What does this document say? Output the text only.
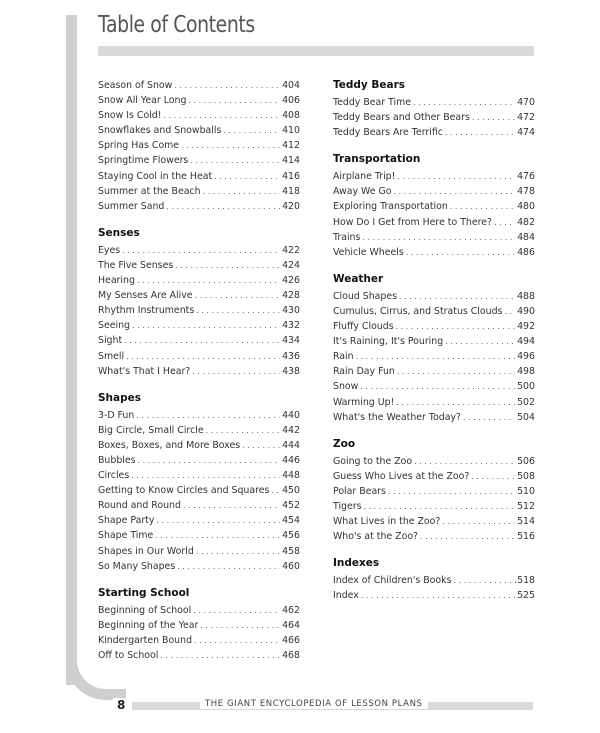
Table of Contents
Season of Snow . . .	404
Snow All Year Long . . .	406
Snow Is Cold! . . .	408
Snowflakes and Snowballs . . .	410
Spring Has Come . . .	412
Springtime Flowers . . .	414
Staying Cool in the Heat . . .	416
Summer at the Beach . . .	418
Summer Sand . . .	420
Senses
Eyes . . .	422
The Five Senses . . .	424
Hearing . . .	426
My Senses Are Alive . . .	428
Rhythm Instruments . . .	430
Seeing . . .	432
Sight . . .	434
Smell . . .	436
What's That I Hear? . . .	438
Shapes
3-D Fun . . .	440
Big Circle, Small Circle . . .	442
Boxes, Boxes, and More Boxes . . .	444
Bubbles . . .	446
Circles . . .	448
Getting to Know Circles and Squares . . . 450
Round and Round . . .	452
Shape Party . . .	454
Shape Time . . .	456
Shapes in Our World . . .	458
So Many Shapes . . .	460
Starting School
Beginning of School . . .	462
Beginning of the Year . . .	464
Kindergarten Bound . . .	466
Off to School . . .	468
Teddy Bears
Teddy Bear Time . . .	470
Teddy Bears and Other Bears . . .	472
Teddy Bears Are Terrific . . .	474
Transportation
Airplane Trip! . . .	476
Away We Go . . .	478
Exploring Transportation . . .	480
How Do I Get from Here to There? . . .	482
Trains . . .	484
Vehicle Wheels . . .	486
Weather
Cloud Shapes . . .	488
Cumulus, Cirrus, and Stratus Clouds . . . 490
Fluffy Clouds . . .	492
It's Raining, It's Pouring . . .	494
Rain . . .	496
Rain Day Fun . . .	498
Snow . . .	500
Warming Up! . . .	502
What's the Weather Today? . . .	504
Zoo
Going to the Zoo . . .	506
Guess Who Lives at the Zoo? . . .	508
Polar Bears . . .	510
Tigers . . .	512
What Lives in the Zoo? . . .	514
Who's at the Zoo? . . .	516
Indexes
Index of Children's Books . . .	.518
Index . . .	525
8	THE GIANT ENCYCLOPEDIA OF LESSON PLANS
